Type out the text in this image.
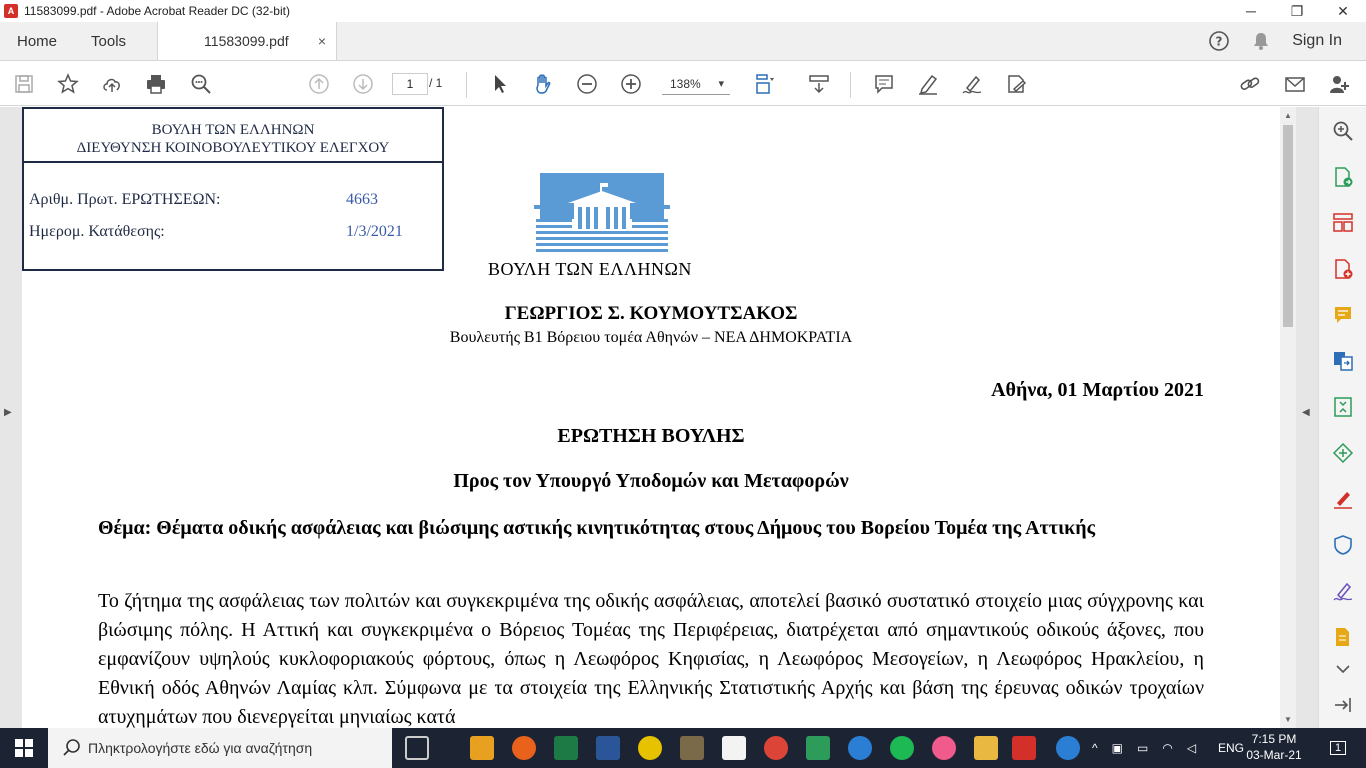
A 11583099.pdf - Adobe Acrobat Reader DC (32-bit)	─	❐	✕
Home	Tools	11583099.pdf ×	?	Sign In
1	/ 1	138% ▾
▶
ΒΟΥΛΗ ΤΩΝ ΕΛΛΗΝΩΝ
ΔΙΕΥΘΥΝΣΗ ΚΟΙΝΟΒΟΥΛΕΥΤΙΚΟΥ ΕΛΕΓΧΟΥ
Αριθμ. Πρωτ. ΕΡΩΤΗΣΕΩΝ:	4663
Ημερομ. Κατάθεσης:	1/3/2021
ΒΟΥΛΗ ΤΩΝ ΕΛΛΗΝΩΝ
ΓΕΩΡΓΙΟΣ Σ. ΚΟΥΜΟΥΤΣΑΚΟΣ
Βουλευτής Β1 Βόρειου τομέα Αθηνών – ΝΕΑ ΔΗΜΟΚΡΑΤΙΑ
Αθήνα, 01 Μαρτίου 2021
ΕΡΩΤΗΣΗ ΒΟΥΛΗΣ
Προς τον Υπουργό Υποδομών και Μεταφορών
Θέμα: Θέματα οδικής ασφάλειας και βιώσιμης αστικής κινητικότητας στους Δήμους του Βορείου Τομέα της Αττικής
Το ζήτημα της ασφάλειας των πολιτών και συγκεκριμένα της οδικής ασφάλειας, αποτελεί βασικό συστατικό στοιχείο μιας σύγχρονης και βιώσιμης πόλης. Η Αττική και συγκεκριμένα ο Βόρειος Τομέας της Περιφέρειας, διατρέχεται από σημαντικούς οδικούς άξονες, που εμφανίζουν υψηλούς κυκλοφοριακούς φόρτους, όπως η Λεωφόρος Κηφισίας, η Λεωφόρος Μεσογείων, η Λεωφόρος Ηρακλείου, η Εθνική οδός Αθηνών Λαμίας κλπ. Σύμφωνα με τα στοιχεία της Ελληνικής Στατιστικής Αρχής και βάση της έρευνας οδικών τροχαίων ατυχημάτων που διενεργείται μηνιαίως κατά
▲
▼
◀
Πληκτρολογήστε εδώ για αναζήτηση	^ ▣ ▭ ◠ ◁ ENG
7:15 PM
03-Mar-21	1
